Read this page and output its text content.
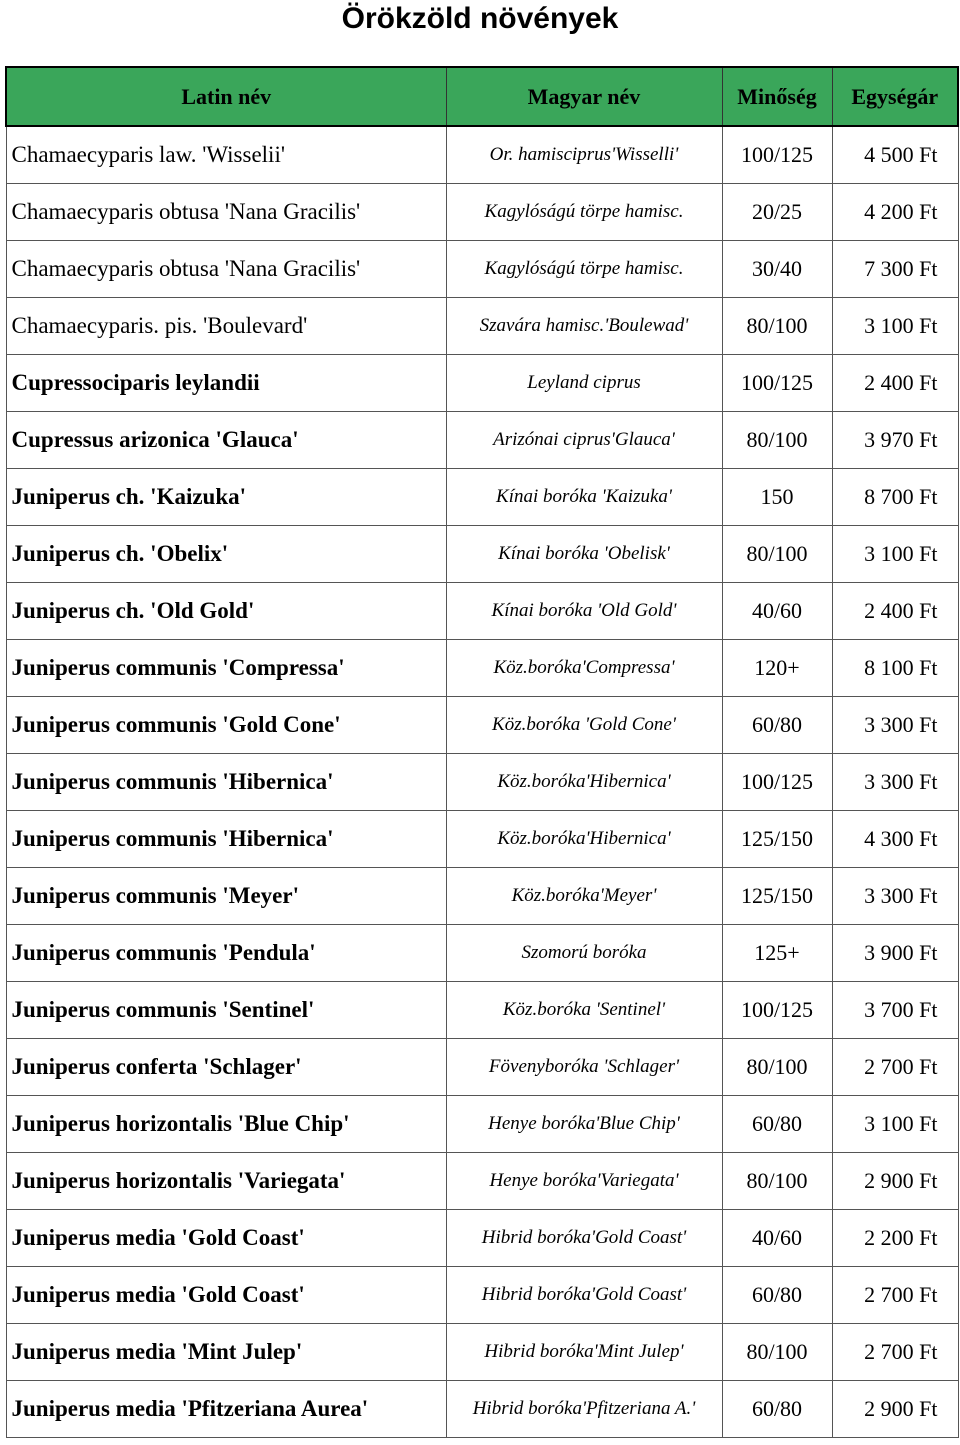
Örökzöld növények
Latin név	Magyar név	Minőség	Egységár
Chamaecyparis law. 'Wisselii'	Or. hamisciprus'Wisselli'	100/125	4 500 Ft
Chamaecyparis obtusa 'Nana Gracilis'	Kagylóságú törpe hamisc.	20/25	4 200 Ft
Chamaecyparis obtusa 'Nana Gracilis'	Kagylóságú törpe hamisc.	30/40	7 300 Ft
Chamaecyparis. pis. 'Boulevard'	Szavára hamisc.'Boulewad'	80/100	3 100 Ft
Cupressociparis leylandii	Leyland ciprus	100/125	2 400 Ft
Cupressus arizonica 'Glauca'	Arizónai ciprus'Glauca'	80/100	3 970 Ft
Juniperus ch. 'Kaizuka'	Kínai boróka 'Kaizuka'	150	8 700 Ft
Juniperus ch. 'Obelix'	Kínai boróka 'Obelisk'	80/100	3 100 Ft
Juniperus ch. 'Old Gold'	Kínai boróka 'Old Gold'	40/60	2 400 Ft
Juniperus communis 'Compressa'	Köz.boróka'Compressa'	120+	8 100 Ft
Juniperus communis 'Gold Cone'	Köz.boróka 'Gold Cone'	60/80	3 300 Ft
Juniperus communis 'Hibernica'	Köz.boróka'Hibernica'	100/125	3 300 Ft
Juniperus communis 'Hibernica'	Köz.boróka'Hibernica'	125/150	4 300 Ft
Juniperus communis 'Meyer'	Köz.boróka'Meyer'	125/150	3 300 Ft
Juniperus communis 'Pendula'	Szomorú boróka	125+	3 900 Ft
Juniperus communis 'Sentinel'	Köz.boróka 'Sentinel'	100/125	3 700 Ft
Juniperus conferta 'Schlager'	Fövenyboróka 'Schlager'	80/100	2 700 Ft
Juniperus horizontalis 'Blue Chip'	Henye boróka'Blue Chip'	60/80	3 100 Ft
Juniperus horizontalis 'Variegata'	Henye boróka'Variegata'	80/100	2 900 Ft
Juniperus media 'Gold Coast'	Hibrid boróka'Gold Coast'	40/60	2 200 Ft
Juniperus media 'Gold Coast'	Hibrid boróka'Gold Coast'	60/80	2 700 Ft
Juniperus media 'Mint Julep'	Hibrid boróka'Mint Julep'	80/100	2 700 Ft
Juniperus media 'Pfitzeriana Aurea'	Hibrid boróka'Pfitzeriana A.'	60/80	2 900 Ft
